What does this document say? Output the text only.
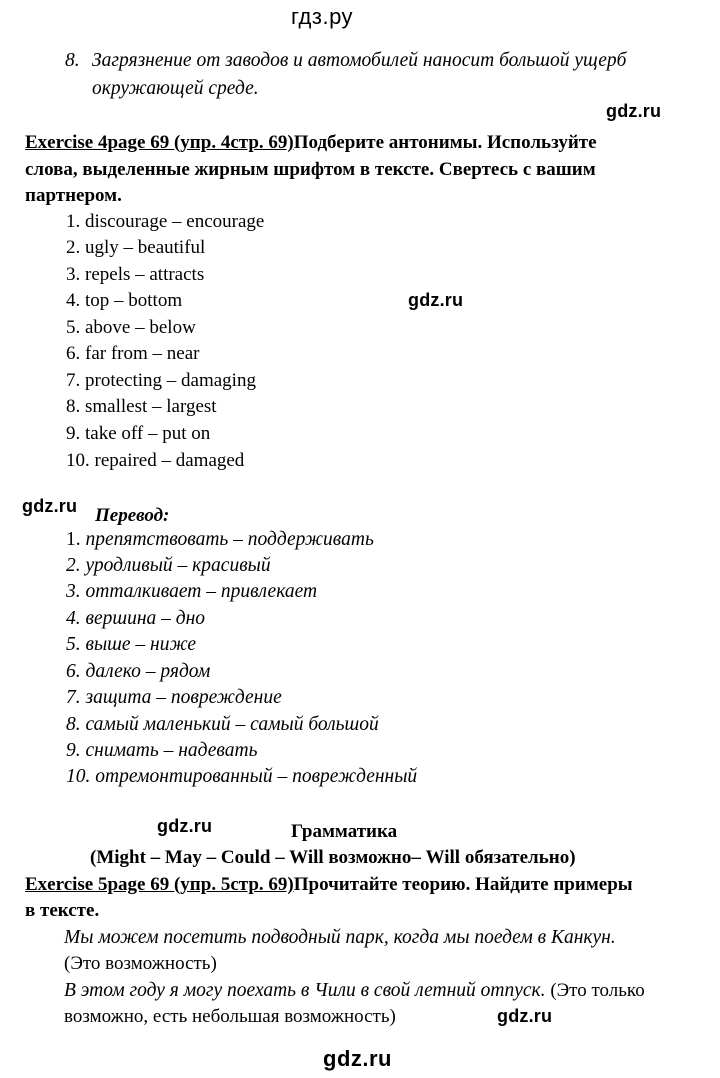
гдз.ру
8. Загрязнение от заводов и автомобилей наносит большой ущерб
окружающей среде.
gdz.ru
Exercise 4page 69 (упр. 4стр. 69)Подберите антонимы. Используйте
слова, выделенные жирным шрифтом в тексте. Свертесь с вашим
партнером.
1. discourage – encourage
2. ugly – beautiful
3. repels – attracts
4. top – bottom
5. above – below
6. far from – near
7. protecting – damaging
8. smallest – largest
9. take off – put on
10. repaired – damaged
gdz.ru
gdz.ru Перевод:
1. препятствовать – поддерживать
2. уродливый – красивый
3. отталкивает – привлекает
4. вершина – дно
5. выше – ниже
6. далеко – рядом
7. защита – повреждение
8. самый маленький – самый большой
9. снимать – надевать
10. отремонтированный – поврежденный
gdz.ru	Грамматика
(Might – May – Could – Will возможно– Will обязательно)
Exercise 5page 69 (упр. 5стр. 69)Прочитайте теорию. Найдите примеры
в тексте.
Мы можем посетить подводный парк, когда мы поедем в Канкун.
(Это возможность)
В этом году я могу поехать в Чили в свой летний отпуск. (Это только
возможно, есть небольшая возможность)	gdz.ru
gdz.ru
